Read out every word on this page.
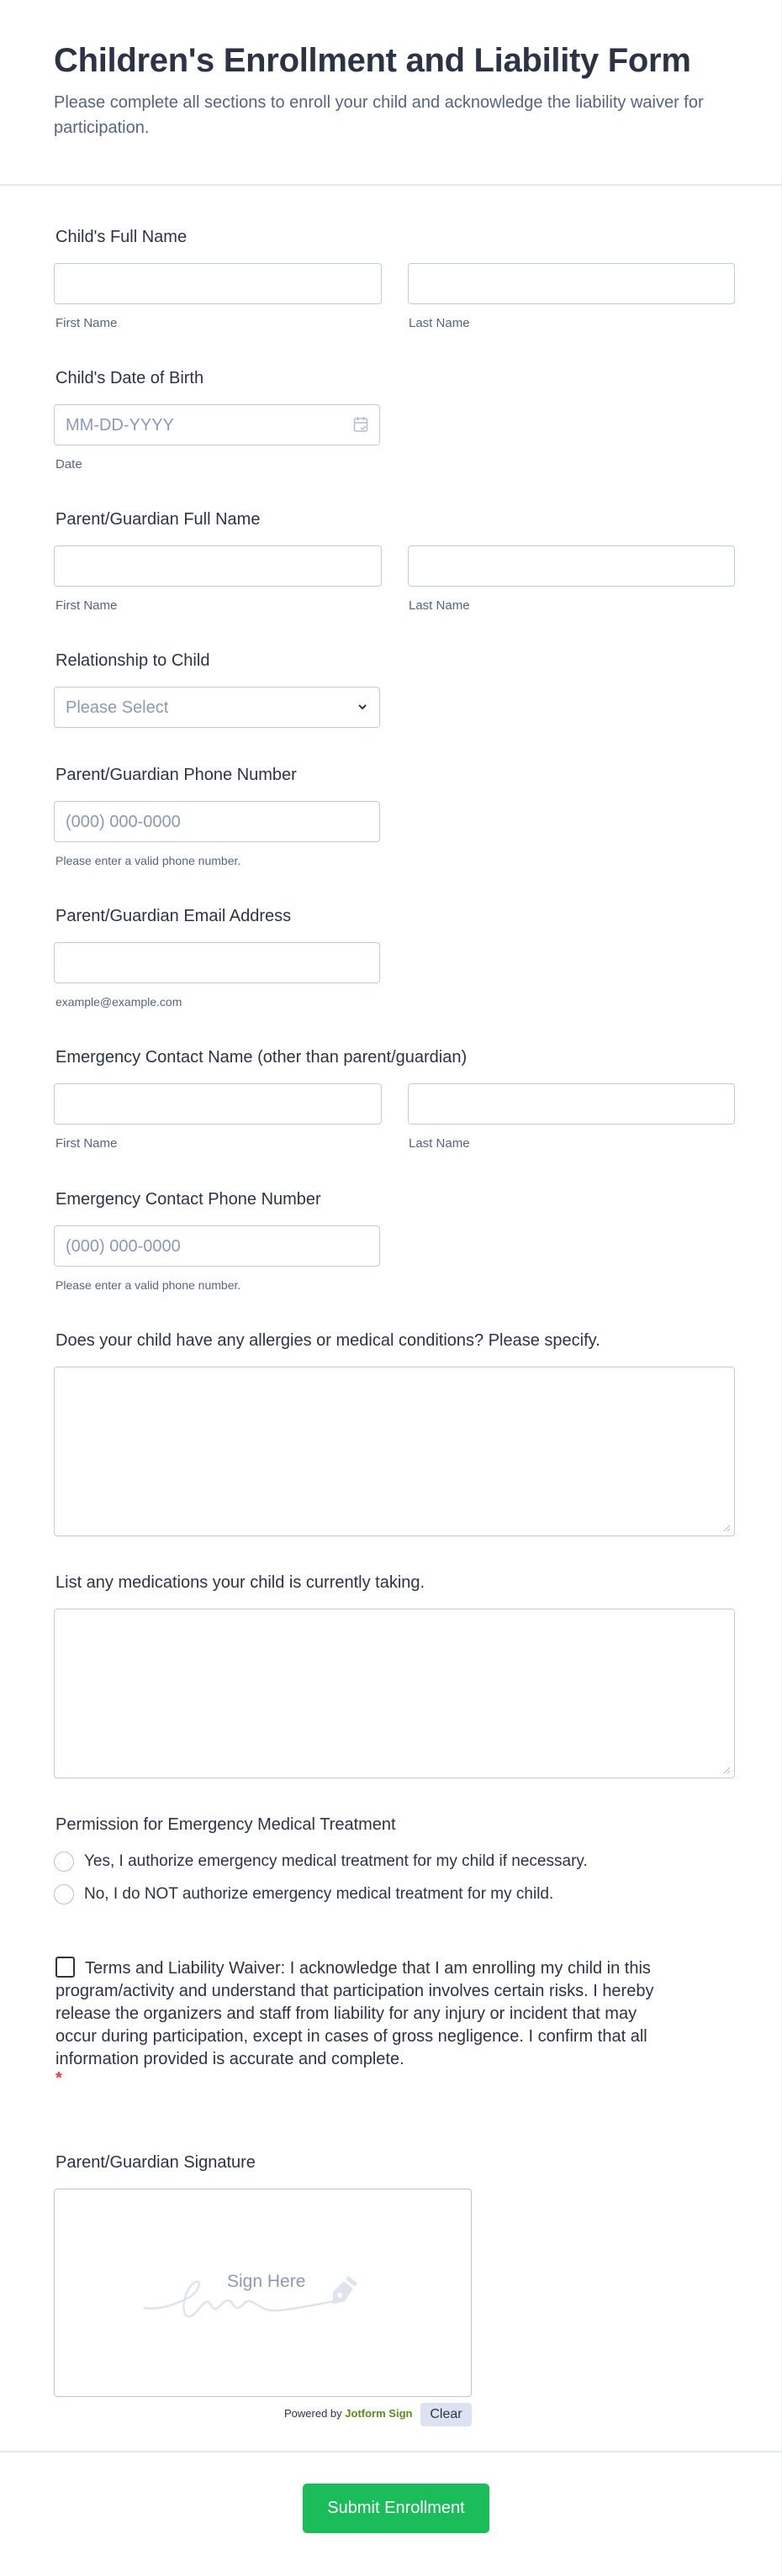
Children's Enrollment and Liability Form
Please complete all sections to enroll your child and acknowledge the liability waiver for participation.
Child's Full Name
First Name	Last Name
Child's Date of Birth
MM-DD-YYYY
Date
Parent/Guardian Full Name
First Name	Last Name
Relationship to Child
Please Select
Parent/Guardian Phone Number
(000) 000-0000
Please enter a valid phone number.
Parent/Guardian Email Address
example@example.com
Emergency Contact Name (other than parent/guardian)
First Name	Last Name
Emergency Contact Phone Number
(000) 000-0000
Please enter a valid phone number.
Does your child have any allergies or medical conditions? Please specify.
List any medications your child is currently taking.
Permission for Emergency Medical Treatment
Yes, I authorize emergency medical treatment for my child if necessary.
No, I do NOT authorize emergency medical treatment for my child.
Terms and Liability Waiver: I acknowledge that I am enrolling my child in this program/activity and understand that participation involves certain risks. I hereby release the organizers and staff from liability for any injury or incident that may occur during participation, except in cases of gross negligence. I confirm that all information provided is accurate and complete.
*
Parent/Guardian Signature
Sign Here
Powered by Jotform Sign	Clear
Submit Enrollment
